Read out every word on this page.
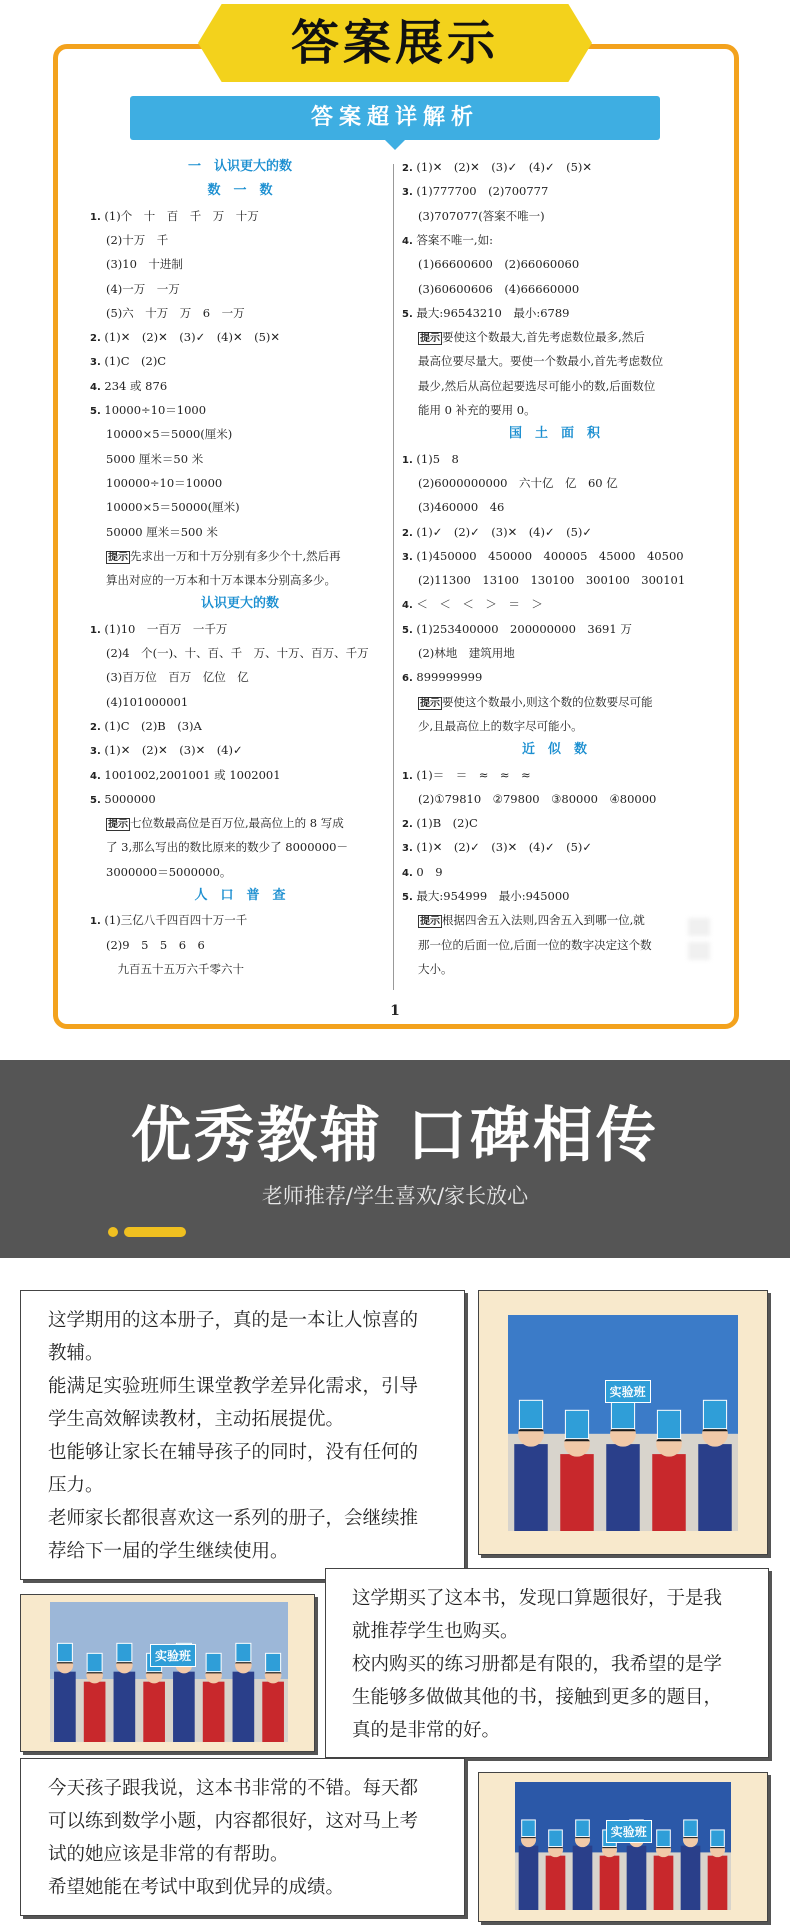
答案展示
答案超详解析
一　认识更大的数
数　一　数
1. (1)个　十　百　千　万　十万
(2)十万　千
(3)10　十进制
(4)一万　一万
(5)六　十万　万　6　一万
2. (1)✕　(2)✕　(3)✓　(4)✕　(5)✕
3. (1)C　(2)C
4. 234 或 876
5. 10000÷10＝1000
10000×5＝5000(厘米)
5000 厘米＝50 米
100000÷10＝10000
10000×5＝50000(厘米)
50000 厘米＝500 米
提示 先求出一万和十万分别有多少个十,然后再
算出对应的一万本和十万本课本分别高多少。
认识更大的数
1. (1)10　一百万　一千万
(2)4　个(一)、十、百、千　万、十万、百万、千万
(3)百万位　百万　亿位　亿
(4)101000001
2. (1)C　(2)B　(3)A
3. (1)✕　(2)✕　(3)✕　(4)✓
4. 1001002,2001001 或 1002001
5. 5000000
提示 七位数最高位是百万位,最高位上的 8 写成
了 3,那么写出的数比原来的数少了 8000000－
3000000＝5000000。
人　口　普　查
1. (1)三亿八千四百四十万一千
(2)9　5　5　6　6
　九百五十五万六千零六十
2. (1)✕　(2)✕　(3)✓　(4)✓　(5)✕
3. (1)777700　(2)700777
(3)707077(答案不唯一)
4. 答案不唯一,如:
(1)66600600　(2)66060060
(3)60600606　(4)66660000
5. 最大:96543210　最小:6789
提示 要使这个数最大,首先考虑数位最多,然后
最高位要尽量大。要使一个数最小,首先考虑数位
最少,然后从高位起要选尽可能小的数,后面数位
能用 0 补充的要用 0。
国　土　面　积
1. (1)5　8
(2)6000000000　六十亿　亿　60 亿
(3)460000　46
2. (1)✓　(2)✓　(3)✕　(4)✓　(5)✓
3. (1)450000　450000　400005　45000　40500
(2)11300　13100　130100　300100　300101
4. ＜　＜　＜　＞　＝　＞
5. (1)253400000　200000000　3691 万
(2)林地　建筑用地
6. 899999999
提示 要使这个数最小,则这个数的位数要尽可能
少,且最高位上的数字尽可能小。
近　似　数
1. (1)＝　＝　≈　≈　≈
(2)①79810　②79800　③80000　④80000
2. (1)B　(2)C
3. (1)✕　(2)✓　(3)✕　(4)✓　(5)✓
4. 0　9
5. 最大:954999　最小:945000
提示 根据四舍五入法则,四舍五入到哪一位,就
那一位的后面一位,后面一位的数字决定这个数
大小。
1
优秀教辅 口碑相传
老师推荐/学生喜欢/家长放心
这学期用的这本册子，真的是一本让人惊喜的
教辅。
能满足实验班师生课堂教学差异化需求，引导
学生高效解读教材，主动拓展提优。
也能够让家长在辅导孩子的同时，没有任何的
压力。
老师家长都很喜欢这一系列的册子，会继续推
荐给下一届的学生继续使用。
实验班
实验班
这学期买了这本书，发现口算题很好，于是我
就推荐学生也购买。
校内购买的练习册都是有限的，我希望的是学
生能够多做做其他的书，接触到更多的题目，
真的是非常的好。
今天孩子跟我说，这本书非常的不错。每天都
可以练到数学小题，内容都很好，这对马上考
试的她应该是非常的有帮助。
希望她能在考试中取到优异的成绩。
实验班
